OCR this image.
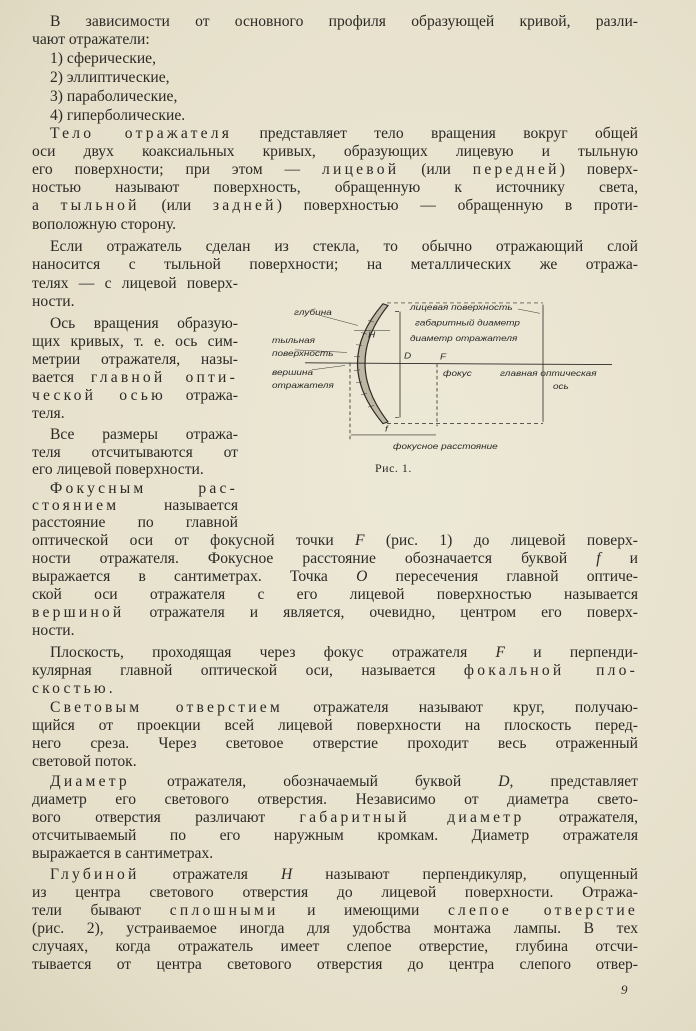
В зависимости от основного профиля образующей кривой, разли-
чают отражатели:
1) сферические,
2) эллиптические,
3) параболические,
4) гиперболические.
Тело отражателя представляет тело вращения вокруг общей
оси двух коаксиальных кривых, образующих лицевую и тыльную
его поверхности; при этом — лицевой (или передней) поверх-
ностью называют поверхность, обращенную к источнику света,
а тыльной (или задней) поверхностью — обращенную в проти-
воположную сторону.
Если отражатель сделан из стекла, то обычно отражающий слой
наносится с тыльной поверхности; на металлических же отража-
телях — с лицевой поверх-
ности.
Ось вращения образую-
щих кривых, т. е. ось сим-
метрии отражателя, назы-
вается главной опти-
ческой осью отража-
теля.
Все размеры отража-
теля отсчитываются от
его лицевой поверхности.
Фокусным рас-
стоянием называется
расстояние по главной
оптической оси от фокусной точки F (рис. 1) до лицевой поверх-
ности отражателя. Фокусное расстояние обозначается буквой f и
выражается в сантиметрах. Точка O пересечения главной оптиче-
ской оси отражателя с его лицевой поверхностью называется
вершиной отражателя и является, очевидно, центром его поверх-
ности.
Плоскость, проходящая через фокус отражателя F и перпенди-
кулярная главной оптической оси, называется фокальной пло-
скостью.
Световым отверстием отражателя называют круг, получаю-
щийся от проекции всей лицевой поверхности на плоскость перед-
него среза. Через световое отверстие проходит весь отраженный
световой поток.
Диаметр отражателя, обозначаемый буквой D, представляет
диаметр его светового отверстия. Независимо от диаметра свето-
вого отверстия различают габаритный диаметр отражателя,
отсчитываемый по его наружным кромкам. Диаметр отражателя
выражается в сантиметрах.
Глубиной отражателя H называют перпендикуляр, опущенный
из центра светового отверстия до лицевой поверхности. Отража-
тели бывают сплошными и имеющими слепое отверстие
(рис. 2), устраиваемое иногда для удобства монтажа лампы. В тех
случаях, когда отражатель имеет слепое отверстие, глубина отсчи-
тывается от центра светового отверстия до центра слепого отвер-
глубина
H
лицевая поверхность
габаритный диаметр
диаметр отражателя
тыльная
поверхность	D	F
вершина
отражателя
фокус	главная оптическая
ось
f
фокусное расстояние
Рис. 1.
9
